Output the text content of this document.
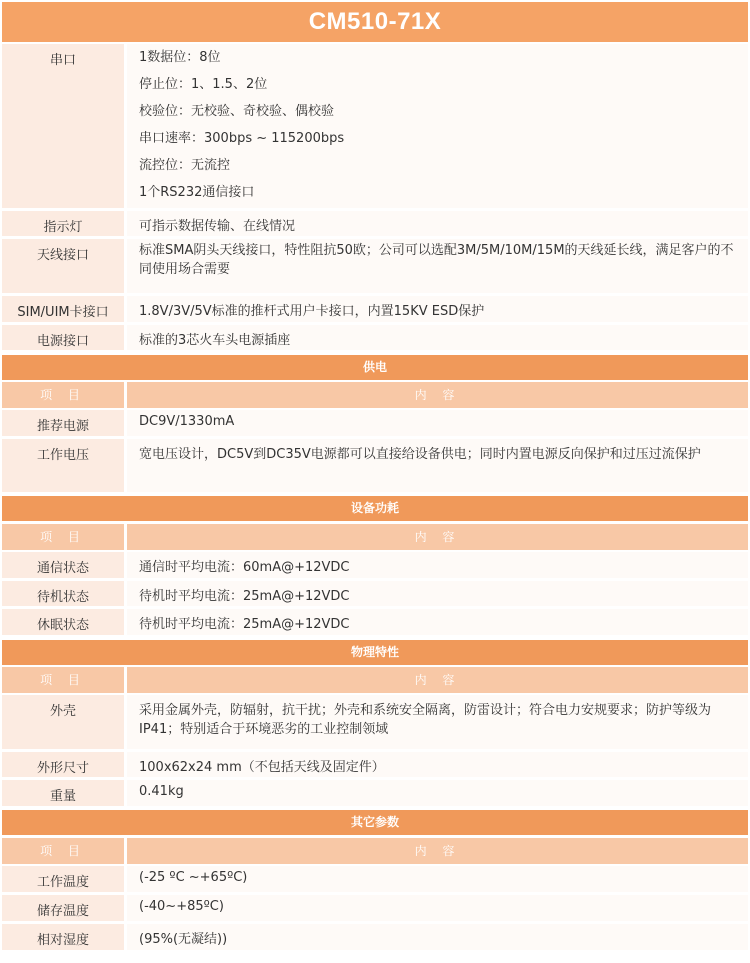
CM510-71X
串口	1数据位：8位
停止位：1、1.5、2位
校验位：无校验、奇校验、偶校验
串口速率：300bps ~ 115200bps
流控位：无流控
1个RS232通信接口
指示灯	可指示数据传输、在线情况
天线接口	标准SMA阴头天线接口，特性阻抗50欧；公司可以选配3M/5M/10M/15M的天线延长线，满足客户的不同使用场合需要
SIM/UIM卡接口	1.8V/3V/5V标准的推杆式用户卡接口，内置15KV ESD保护
电源接口	标准的3芯火车头电源插座
供电
项 目	内 容
推荐电源	DC9V/1330mA
工作电压	宽电压设计，DC5V到DC35V电源都可以直接给设备供电；同时内置电源反向保护和过压过流保护
设备功耗
项 目	内 容
通信状态	通信时平均电流：60mA@+12VDC
待机状态	待机时平均电流：25mA@+12VDC
休眠状态	待机时平均电流：25mA@+12VDC
物理特性
项 目	内 容
外壳	采用金属外壳，防辐射，抗干扰；外壳和系统安全隔离，防雷设计；符合电力安规要求；防护等级为IP41；特别适合于环境恶劣的工业控制领域
外形尺寸	100x62x24 mm（不包括天线及固定件）
重量	0.41kg
其它参数
项 目	内 容
工作温度	(-25 ºC ~+65ºC)
储存温度	(-40~+85ºC)
相对湿度	(95%(无凝结))
